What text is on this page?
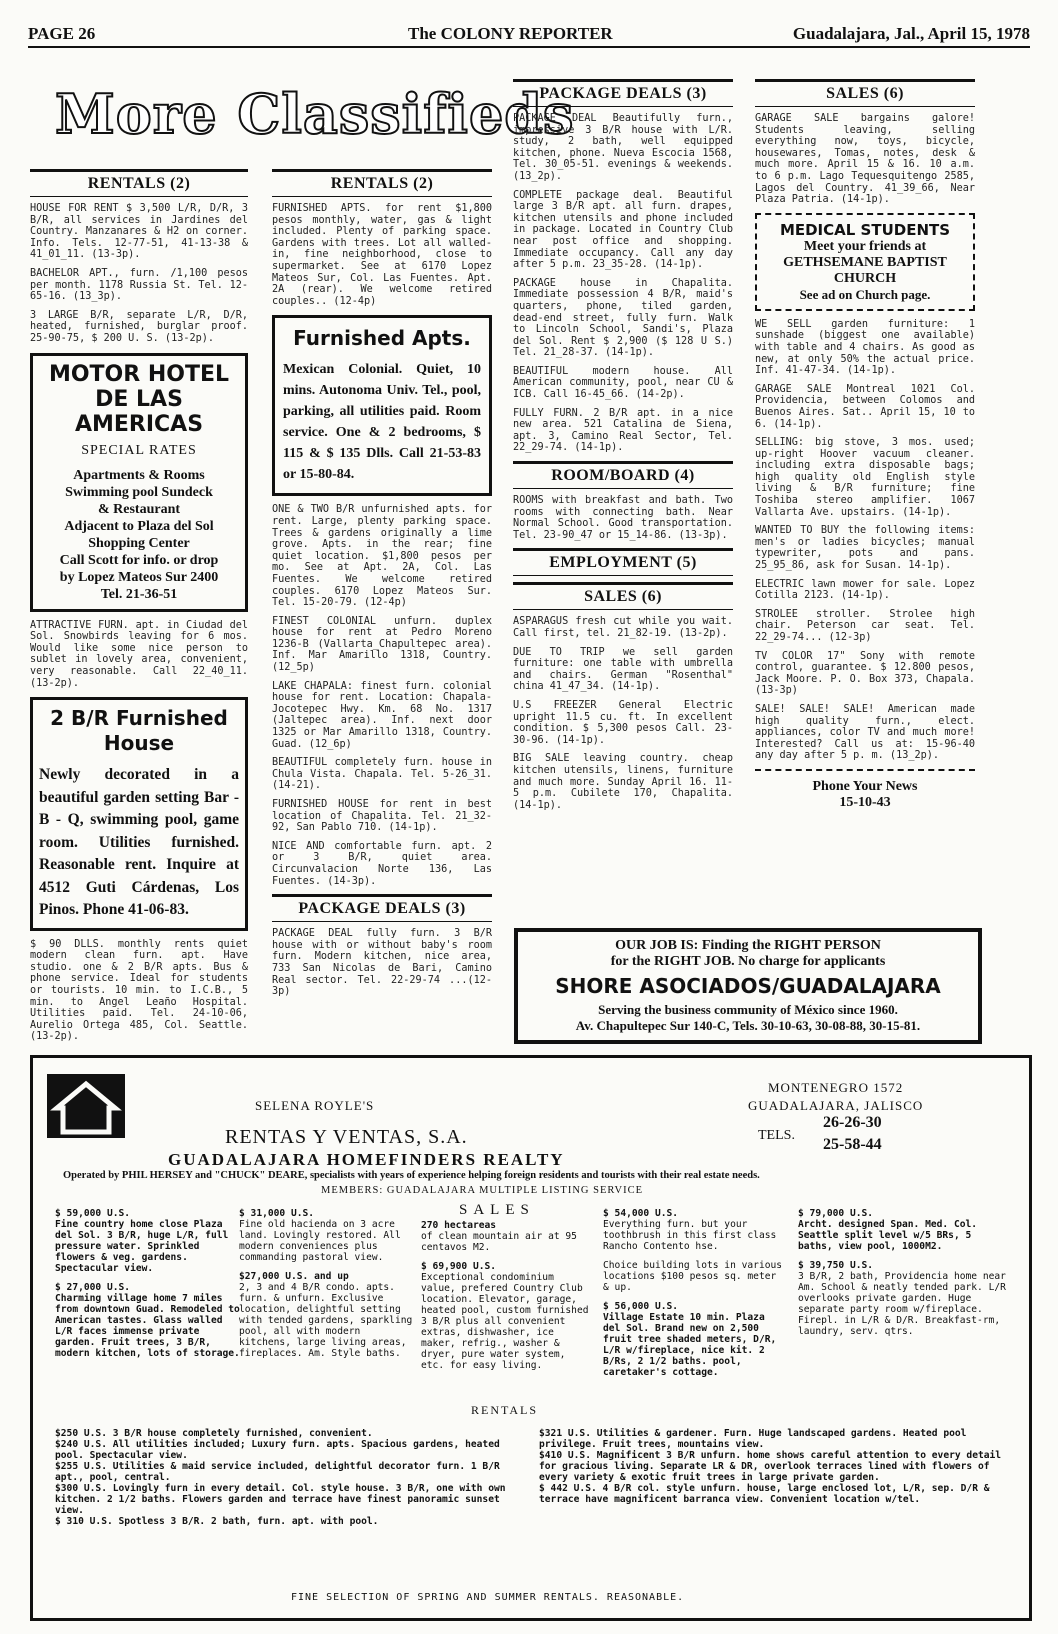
PAGE 26	The COLONY REPORTER	Guadalajara, Jal., April 15, 1978
More Classifieds
RENTALS (2)

HOUSE FOR RENT $ 3,500 L/R, D/R, 3 B/R, all services in Jardines del Country. Manzanares & H2 on corner. Info. Tels. 12-77-51, 41-13-38 & 41_01_11. (13-3p).

BACHELOR APT., furn. /1,100 pesos per month. 1178 Russia St. Tel. 12-65-16. (13_3p).

3 LARGE B/R, separate L/R, D/R, heated, furnished, burglar proof. 25-90-75, $ 200 U. S. (13-2p).

MOTOR HOTEL
DE LAS
AMERICAS
SPECIAL RATES
Apartments & Rooms
Swimming pool Sundeck
& Restaurant
Adjacent to Plaza del Sol
Shopping Center
Call Scott for info. or drop
by Lopez Mateos Sur 2400
Tel. 21-36-51

ATTRACTIVE FURN. apt. in Ciudad del Sol. Snowbirds leaving for 6 mos. Would like some nice person to sublet in lovely area, convenient, very reasonable. Call 22_40_11. (13-2p).

2 B/R Furnished
House
Newly decorated in a beautiful garden setting Bar - B - Q, swimming pool, game room. Utilities furnished. Reasonable rent. Inquire at 4512 Guti Cárdenas, Los Pinos. Phone 41-06-83.

$ 90 DLLS. monthly rents quiet modern clean furn. apt. Have studio. one & 2 B/R apts. Bus & phone service. Ideal for students or tourists. 10 min. to I.C.B., 5 min. to Angel Leaño Hospital. Utilities paid. Tel. 24-10-06, Aurelio Ortega 485, Col. Seattle. (13-2p).

RENTALS (2)

FURNISHED APTS. for rent $1,800 pesos monthly, water, gas & light included. Plenty of parking space. Gardens with trees. Lot all walled-in, fine neighborhood, close to supermarket. See at 6170 Lopez Mateos Sur, Col. Las Fuentes. Apt. 2A (rear). We welcome retired couples.. (12-4p)

Furnished Apts.
Mexican Colonial. Quiet, 10 mins. Autonoma Univ. Tel., pool, parking, all utilities paid. Room service. One & 2 bedrooms, $ 115 & $ 135 Dlls. Call 21-53-83 or 15-80-84.

ONE & TWO B/R unfurnished apts. for rent. Large, plenty parking space. Trees & gardens originally a lime grove. Apts. in the rear; fine quiet location. $1,800 pesos per mo. See at Apt. 2A, Col. Las Fuentes. We welcome retired couples. 6170 Lopez Mateos Sur. Tel. 15-20-79. (12-4p)

FINEST COLONIAL unfurn. duplex house for rent at Pedro Moreno 1236-B (Vallarta_Chapultepec area). Inf. Mar Amarillo 1318, Country. (12_5p)

LAKE CHAPALA: finest furn. colonial house for rent. Location: Chapala-Jocotepec Hwy. Km. 68 No. 1317 (Jaltepec area). Inf. next door 1325 or Mar Amarillo 1318, Country. Guad. (12_6p)

BEAUTIFUL completely furn. house in Chula Vista. Chapala. Tel. 5-26_31. (14-21).

FURNISHED HOUSE for rent in best location of Chapalita. Tel. 21_32-92, San Pablo 710. (14-1p).

NICE AND comfortable furn. apt. 2 or 3 B/R, quiet area. Circunvalacion Norte 136, Las Fuentes. (14-3p).

PACKAGE DEALS (3)

PACKAGE DEAL fully furn. 3 B/R house with or without baby's room furn. Modern kitchen, nice area, 733 San Nicolas de Bari, Camino Real sector. Tel. 22-29-74 ...(12-3p)

PACKAGE DEALS (3)

PACKAGE DEAL Beautifully furn., impressive 3 B/R house with L/R. study, 2 bath, well equipped kitchen, phone. Nueva Escocia 1568, Tel. 30_05-51. evenings & weekends. (13_2p).

COMPLETE package deal. Beautiful large 3 B/R apt. all furn. drapes, kitchen utensils and phone included in package. Located in Country Club near post office and shopping. Immediate occupancy. Call any day after 5 p.m. 23_35-28. (14-1p).

PACKAGE house in Chapalita. Immediate possession 4 B/R, maid's quarters, phone, tiled garden, dead-end street, fully furn. Walk to Lincoln School, Sandi's, Plaza del Sol. Rent $ 2,900 ($ 128 U S.) Tel. 21_28-37. (14-1p).

BEAUTIFUL modern house. All American community, pool, near CU & ICB. Call 16-45_66. (14-2p).

FULLY FURN. 2 B/R apt. in a nice new area. 521 Catalina de Siena, apt. 3, Camino Real Sector, Tel. 22_29-74. (14-1p).

ROOM/BOARD (4)

ROOMS with breakfast and bath. Two rooms with connecting bath. Near Normal School. Good transportation. Tel. 23-90_47 or 15_14-86. (13-3p).

EMPLOYMENT (5)
SALES (6)

ASPARAGUS fresh cut while you wait. Call first, tel. 21_82-19. (13-2p).

DUE TO TRIP we sell garden furniture: one table with umbrella and chairs. German "Rosenthal" china 41_47_34. (14-1p).

U.S FREEZER General Electric upright 11.5 cu. ft. In excellent condition. $ 5,300 pesos Call. 23-30-96. (14-1p).

BIG SALE leaving country. cheap kitchen utensils, linens, furniture and much more. Sunday April 16. 11-5 p.m. Cubilete 170, Chapalita. (14-1p).

SALES (6)

GARAGE SALE bargains galore! Students leaving, selling everything now, toys, bicycle, housewares, Tomas, notes, desk & much more. April 15 & 16. 10 a.m. to 6 p.m. Lago Tequesquitengo 2585, Lagos del Country. 41_39_66, Near Plaza Patria. (14-1p).

MEDICAL STUDENTS
Meet your friends at
GETHSEMANE BAPTIST
CHURCH
See ad on Church page.

WE SELL garden furniture: 1 sunshade (biggest one available) with table and 4 chairs. As good as new, at only 50% the actual price. Inf. 41-47-34. (14-1p).

GARAGE SALE Montreal 1021 Col. Providencia, between Colomos and Buenos Aires. Sat.. April 15, 10 to 6. (14-1p).

SELLING: big stove, 3 mos. used; up-right Hoover vacuum cleaner. including extra disposable bags; high quality old English style living & B/R furniture; fine Toshiba stereo amplifier. 1067 Vallarta Ave. upstairs. (14-1p).

WANTED TO BUY the following items: men's or ladies bicycles; manual typewriter, pots and pans. 25_95_86, ask for Susan. 14-1p).

ELECTRIC lawn mower for sale. Lopez Cotilla 2123. (14-1p).

STROLEE stroller. Strolee high chair. Peterson car seat. Tel. 22_29-74... (12-3p)

TV COLOR 17" Sony with remote control, guarantee. $ 12.800 pesos, Jack Moore. P. O. Box 373, Chapala. (13-3p)

SALE! SALE! SALE! American made high quality furn., elect. appliances, color TV and much more! Interested? Call us at: 15-96-40 any day after 5 p. m. (13_2p).

Phone Your News
15-10-43
OUR JOB IS: Finding the RIGHT PERSON
for the RIGHT JOB. No charge for applicants
SHORE ASOCIADOS/GUADALAJARA
Serving the business community of México since 1960.
Av. Chapultepec Sur 140-C, Tels. 30-10-63, 30-08-88, 30-15-81.
SELENA ROYLE'S
RENTAS Y VENTAS, S.A.
GUADALAJARA HOMEFINDERS REALTY
Operated by PHIL HERSEY and "CHUCK" DEARE, specialists with years of experience helping foreign residents and tourists with their real estate needs.
MEMBERS: GUADALAJARA MULTIPLE LISTING SERVICE
MONTENEGRO 1572
GUADALAJARA, JALISCO
TELS.
26-26-30
25-58-44
SALES
$ 59,000 U.S.
Fine country home close Plaza del Sol. 3 B/R, huge L/R, full pressure water. Sprinkled flowers & veg. gardens. Spectacular view.
$ 27,000 U.S.
Charming village home 7 miles from downtown Guad. Remodeled to American tastes. Glass walled L/R faces immense private garden. Fruit trees, 3 B/R, modern kitchen, lots of storage.
$ 31,000 U.S.
Fine old hacienda on 3 acre land. Lovingly restored. All modern conveniences plus commanding pastoral view.
$27,000 U.S. and up
2, 3 and 4 B/R condo. apts. furn. & unfurn. Exclusive location, delightful setting with tended gardens, sparkling pool, all with modern kitchens, large living areas, fireplaces. Am. Style baths.
270 hectareas
of clean mountain air at 95 centavos M2.
$ 69,900 U.S.
Exceptional condominium value, prefered Country Club location. Elevator, garage, heated pool, custom furnished 3 B/R plus all convenient extras, dishwasher, ice maker, refrig., washer & dryer, pure water system, etc. for easy living.
$ 54,000 U.S.
Everything furn. but your toothbrush in this first class Rancho Contento hse.
Choice building lots in various locations $100 pesos sq. meter & up.
$ 56,000 U.S.
Village Estate 10 min. Plaza del Sol. Brand new on 2,500 fruit tree shaded meters, D/R, L/R w/fireplace, nice kit. 2 B/Rs, 2 1/2 baths. pool, caretaker's cottage.
$ 79,000 U.S.
Archt. designed Span. Med. Col. Seattle split level w/5 BRs, 5 baths, view pool, 1000M2.
$ 39,750 U.S.
3 B/R, 2 bath, Providencia home near Am. School & neatly tended park. L/R overlooks private garden. Huge separate party room w/fireplace. Firepl. in L/R & D/R. Breakfast-rm, laundry, serv. qtrs.
RENTALS
$250 U.S. 3 B/R house completely furnished, convenient.
$240 U.S. All utilities included; Luxury furn. apts. Spacious gardens, heated pool. Spectacular view.
$255 U.S. Utilities & maid service included, delightful decorator furn. 1 B/R apt., pool, central.
$300 U.S. Lovingly furn in every detail. Col. style house. 3 B/R, one with own kitchen. 2 1/2 baths. Flowers garden and terrace have finest panoramic sunset view.
$ 310 U.S. Spotless 3 B/R. 2 bath, furn. apt. with pool.
$321 U.S. Utilities & gardener. Furn. Huge landscaped gardens. Heated pool privilege. Fruit trees, mountains view.
$410 U.S. Magnificent 3 B/R unfurn. home shows careful attention to every detail for gracious living. Separate LR & DR, overlook terraces lined with flowers of every variety & exotic fruit trees in large private garden.
$ 442 U.S. 4 B/R col. style unfurn. house, large enclosed lot, L/R, sep. D/R & terrace have magnificent barranca view. Convenient location w/tel.
FINE SELECTION OF SPRING AND SUMMER RENTALS. REASONABLE.
